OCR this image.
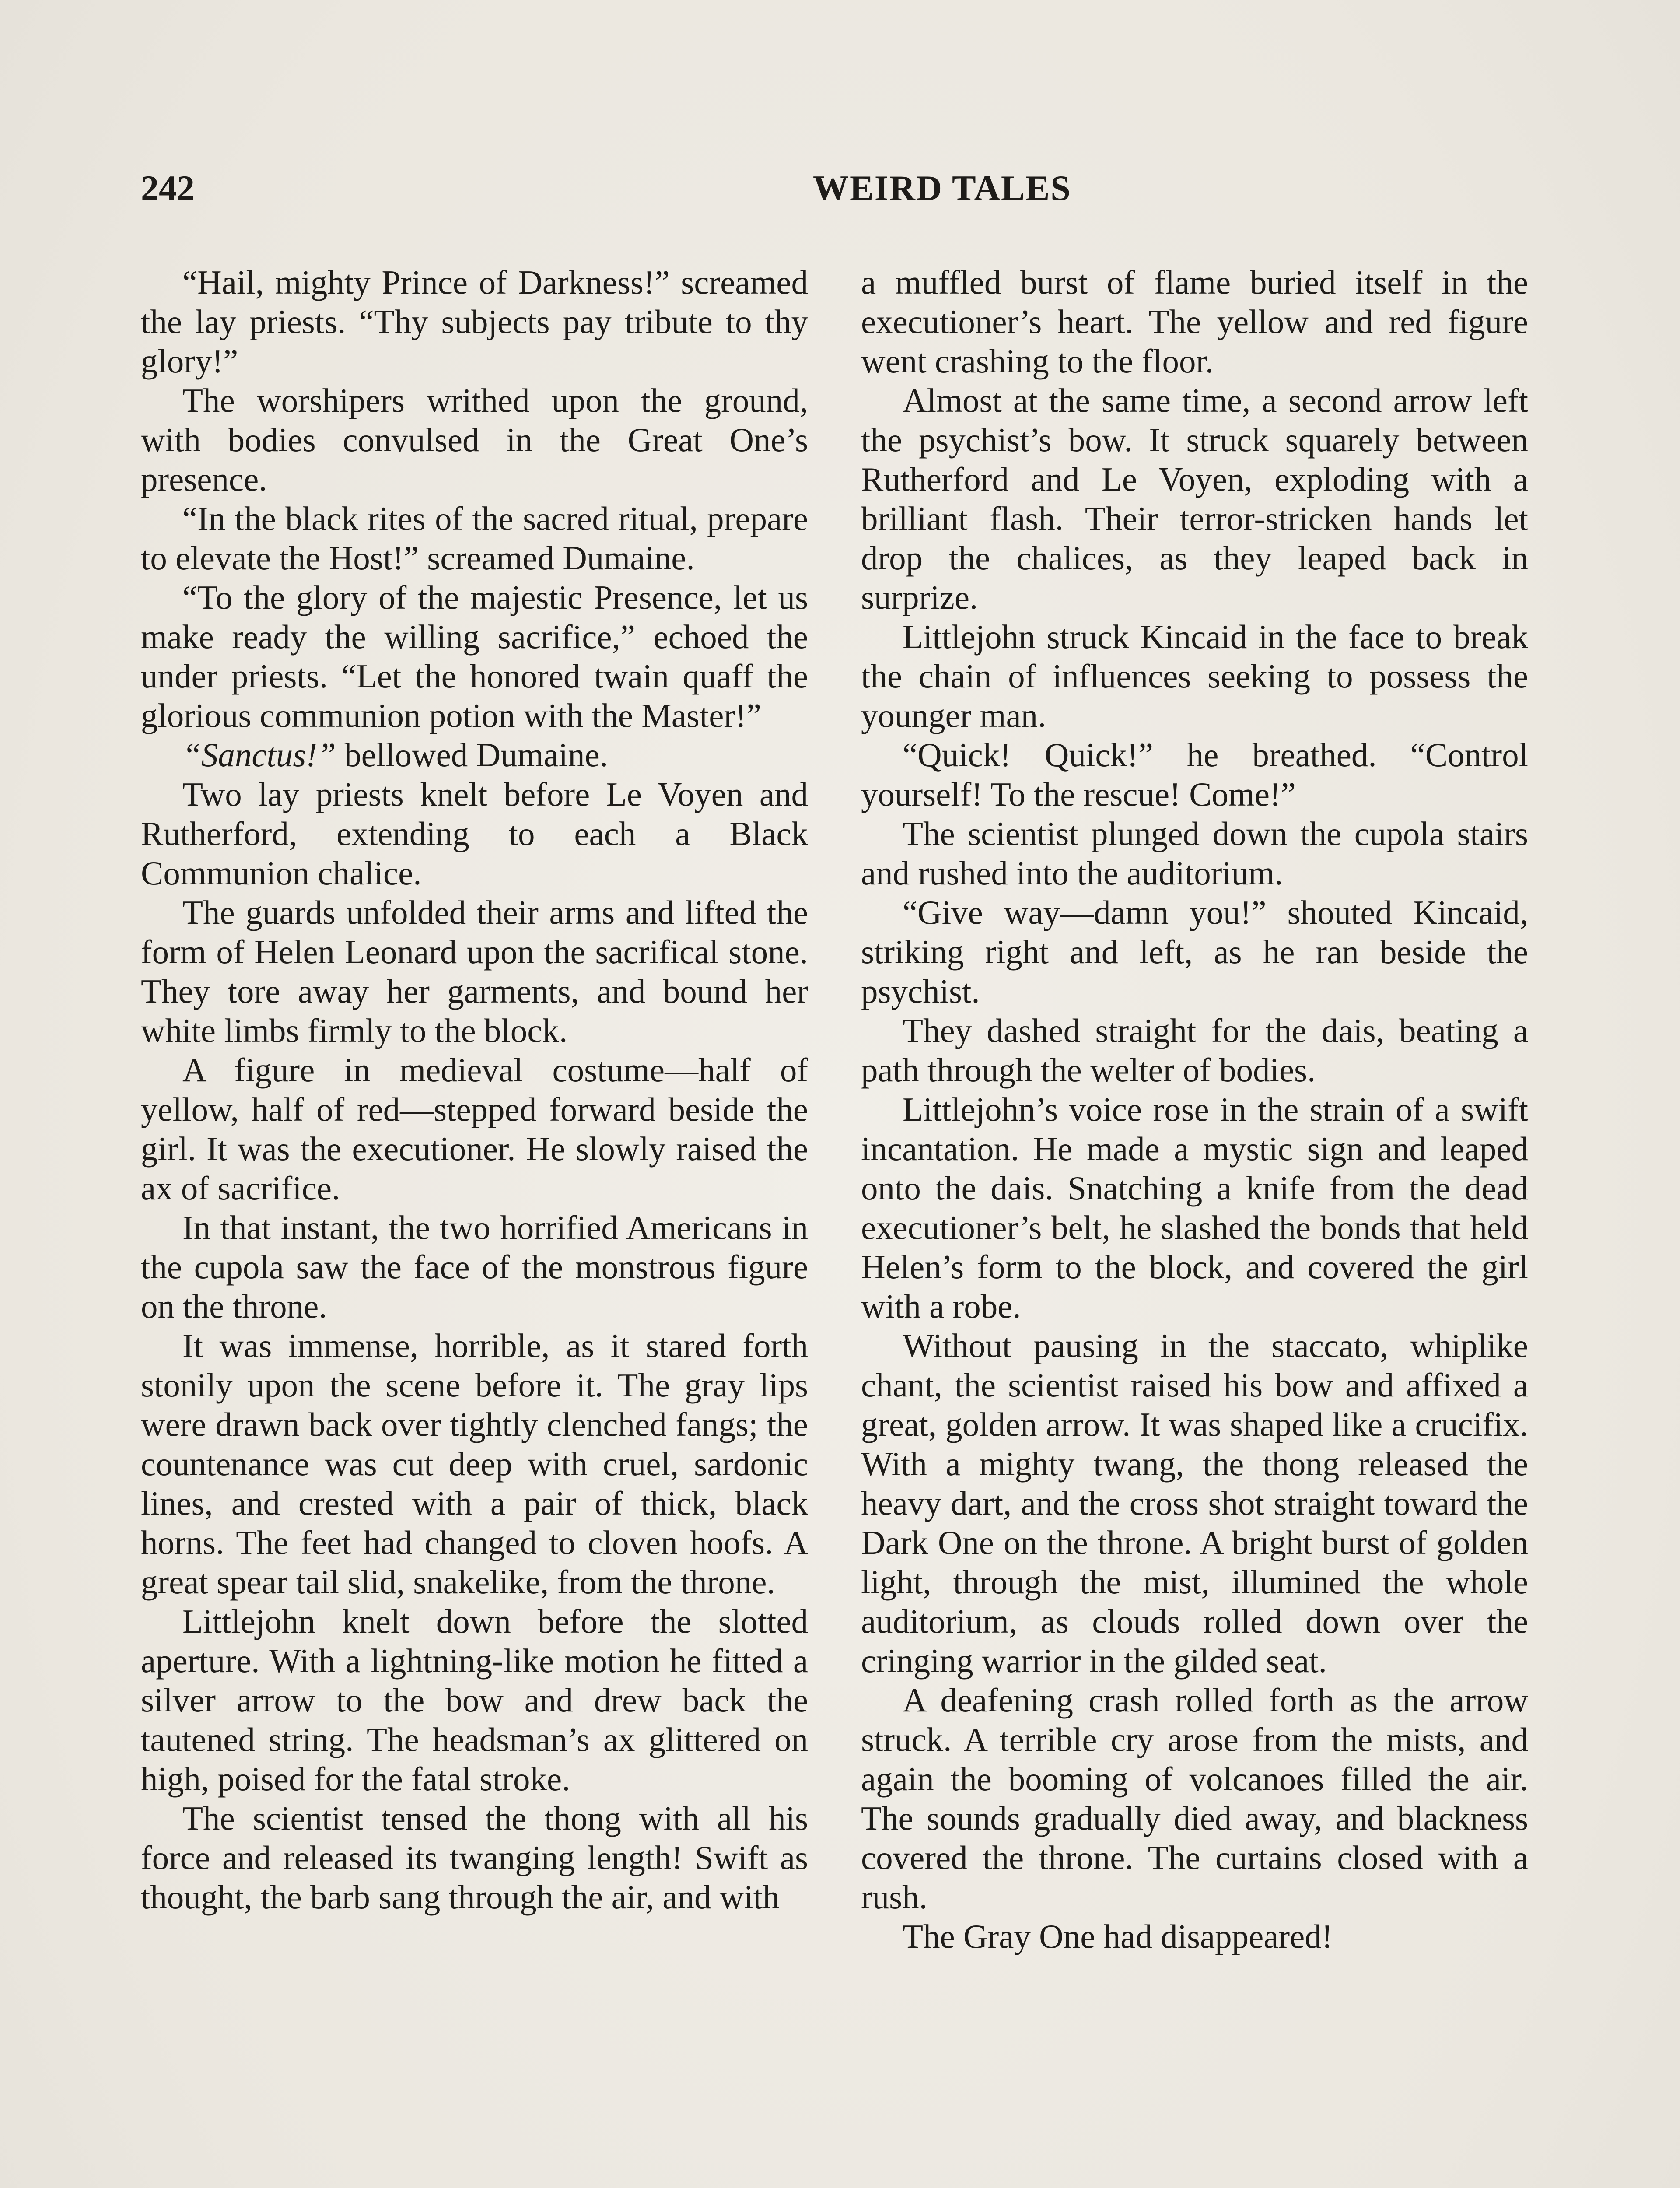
242	WEIRD TALES

“Hail, mighty Prince of Darkness!” screamed the lay priests. “Thy subjects pay tribute to thy glory!”

The worshipers writhed upon the ground, with bodies convulsed in the Great One’s presence.

“In the black rites of the sacred ritual, prepare to elevate the Host!” screamed Dumaine.

“To the glory of the majestic Presence, let us make ready the willing sacrifice,” echoed the under priests. “Let the honored twain quaff the glorious communion potion with the Master!”

“Sanctus!” bellowed Dumaine.

Two lay priests knelt before Le Voyen and Rutherford, extending to each a Black Communion chalice.

The guards unfolded their arms and lifted the form of Helen Leonard upon the sacrifical stone. They tore away her garments, and bound her white limbs firmly to the block.

A figure in medieval costume—half of yellow, half of red—stepped forward beside the girl. It was the executioner. He slowly raised the ax of sacrifice.

In that instant, the two horrified Americans in the cupola saw the face of the monstrous figure on the throne.

It was immense, horrible, as it stared forth stonily upon the scene before it. The gray lips were drawn back over tightly clenched fangs; the countenance was cut deep with cruel, sardonic lines, and crested with a pair of thick, black horns. The feet had changed to cloven hoofs. A great spear tail slid, snakelike, from the throne.

Littlejohn knelt down before the slotted aperture. With a lightning-like motion he fitted a silver arrow to the bow and drew back the tautened string. The headsman’s ax glittered on high, poised for the fatal stroke.

The scientist tensed the thong with all his force and released its twanging length! Swift as thought, the barb sang through the air, and with

a muffled burst of flame buried itself in the executioner’s heart. The yellow and red figure went crashing to the floor.

Almost at the same time, a second arrow left the psychist’s bow. It struck squarely between Rutherford and Le Voyen, exploding with a brilliant flash. Their terror-stricken hands let drop the chalices, as they leaped back in surprize.

Littlejohn struck Kincaid in the face to break the chain of influences seeking to possess the younger man.

“Quick! Quick!” he breathed. “Control yourself! To the rescue! Come!”

The scientist plunged down the cupola stairs and rushed into the auditorium.

“Give way—damn you!” shouted Kincaid, striking right and left, as he ran beside the psychist.

They dashed straight for the dais, beating a path through the welter of bodies.

Littlejohn’s voice rose in the strain of a swift incantation. He made a mystic sign and leaped onto the dais. Snatching a knife from the dead executioner’s belt, he slashed the bonds that held Helen’s form to the block, and covered the girl with a robe.

Without pausing in the staccato, whiplike chant, the scientist raised his bow and affixed a great, golden arrow. It was shaped like a crucifix. With a mighty twang, the thong released the heavy dart, and the cross shot straight toward the Dark One on the throne. A bright burst of golden light, through the mist, illumined the whole auditorium, as clouds rolled down over the cringing warrior in the gilded seat.

A deafening crash rolled forth as the arrow struck. A terrible cry arose from the mists, and again the booming of volcanoes filled the air. The sounds gradually died away, and blackness covered the throne. The curtains closed with a rush.

The Gray One had disappeared!
